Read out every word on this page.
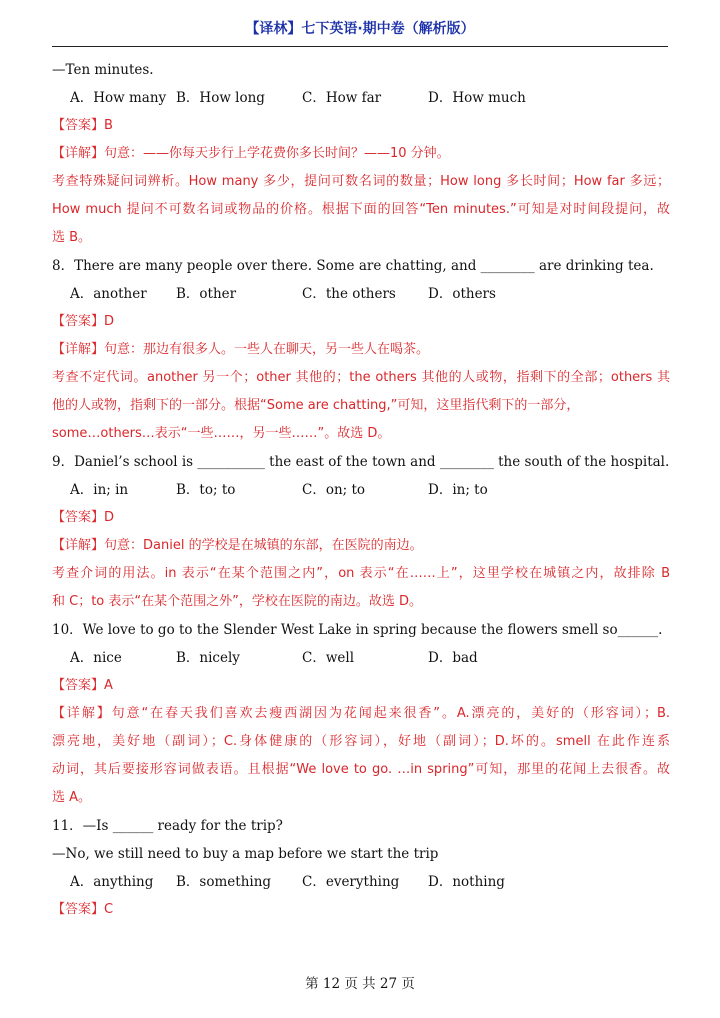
【译林】七下英语·期中卷（解析版）
—Ten minutes.
A．How many B．How long	C．How far	D．How much
【答案】B
【详解】句意：——你每天步行上学花费你多长时间？——10 分钟。
考查特殊疑问词辨析。How many 多少，提问可数名词的数量；How long 多长时间；How far 多远；
How much 提问不可数名词或物品的价格。根据下面的回答“Ten minutes.”可知是对时间段提问，故
选 B。
8．There are many people over there. Some are chatting, and ________ are drinking tea.
A．another	B．other	C．the others	D．others
【答案】D
【详解】句意：那边有很多人。一些人在聊天，另一些人在喝茶。
考查不定代词。another 另一个；other 其他的；the others 其他的人或物，指剩下的全部；others 其
他的人或物，指剩下的一部分。根据“Some are chatting,”可知，这里指代剩下的一部分，
some…others…表示“一些……，另一些……”。故选 D。
9．Daniel’s school is __________ the east of the town and ________ the south of the hospital.
A．in; in	B．to; to	C．on; to	D．in; to
【答案】D
【详解】句意：Daniel 的学校是在城镇的东部，在医院的南边。
考查介词的用法。in 表示“在某个范围之内”，on 表示“在……上”，这里学校在城镇之内，故排除 B
和 C；to 表示“在某个范围之外”，学校在医院的南边。故选 D。
10．We love to go to the Slender West Lake in spring because the flowers smell so______.
A．nice	B．nicely	C．well	D．bad
【答案】A
【详解】句意“在春天我们喜欢去瘦西湖因为花闻起来很香”。A.漂亮的，美好的（形容词）；B.
漂亮地，美好地（副词）；C.身体健康的（形容词），好地（副词）；D.坏的。smell 在此作连系
动词，其后要接形容词做表语。且根据“We love to go. …in spring”可知，那里的花闻上去很香。故
选 A。
11．—Is ______ ready for the trip?
—No, we still need to buy a map before we start the trip
A．anything	B．something	C．everything	D．nothing
【答案】C
第 12 页 共 27 页
